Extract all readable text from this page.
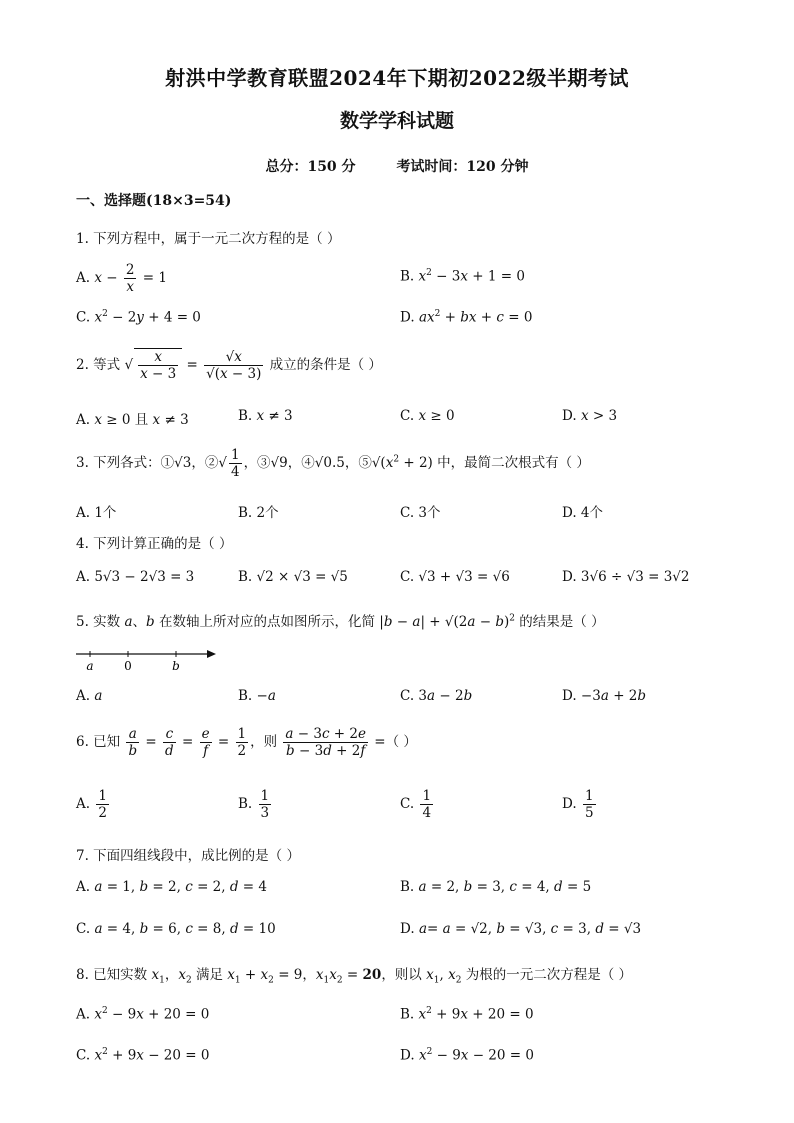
射洪中学教育联盟2024年下期初2022级半期考试
数学学科试题
总分：150 分	考试时间：120 分钟
一、选择题(18×3=54)
1. 下列方程中，属于一元二次方程的是（ ）
A. $x - \frac{2}{x} = 1$	B. $x^2 - 3x + 1 = 0$
C. $x^2 - 2y + 4 = 0$	D. $ax^2$ + bx + c = 0
2. 等式 √ $\frac{x}{x - 3} = \frac{√x}{√(x - 3)}$ 成立的条件是（ ）
A. x ≥ 0 且 x ≠ 3	B. x ≠ 3	C. x ≥ 0	D. x > 3
3. 下列各式：①√3，②√ $\frac{1}{4}$ ，③√9，④√0.5，$⑤√(x^2 + 2)$ 中，最简二次根式有（ ）
A. 1个	B. 2个	C. 3个	D. 4个
4. 下列计算正确的是（ ）
A. 5√3 − 2√3 = 3	B. √2 × √3 = √5	C. √3 + √3 = √6	D. 3√6 ÷ √3 = 3√2
5. 实数 a、b 在数轴上所对应的点如图所示，化简 $|b - a| + √(2a - b)^2$ 的结果是（ ）
a	0	b
A. a	B. −a	C. 3a − 2b	D. −3a + 2b
6. 已知 $\frac{a}{b} = \frac{c}{d} = \frac{e}{f} = \frac{1}{2}$ ，则 $\frac{a - 3c + 2e}{b - 3d + 2f}$ =（ ）
A. $\frac{1}{2}$	B. $\frac{1}{3}$	C. $\frac{1}{4}$	D. $\frac{1}{5}$
7. 下面四组线段中，成比例的是（ ）
A. a = 1, b = 2, c = 2, d = 4	B. a = 2, b = 3, c = 4, d = 5
C. a = 4, b = 6, c = 8, d = 10	D. a= a = √2, b = √3, c = 3, d = √3
8. 已知实数 $x_1$，$x_2$ 满足 $x_1 + x_2 = 9$，$x_1x_2 = 20$，则以 $x_1$, $x_2$ 为根的一元二次方程是（ ）
A. $x^2 - 9x + 20 = 0$	B. $x^2 + 9x + 20 = 0$
C. $x^2 + 9x - 20 = 0$	D. $x^2 - 9x - 20 = 0$
